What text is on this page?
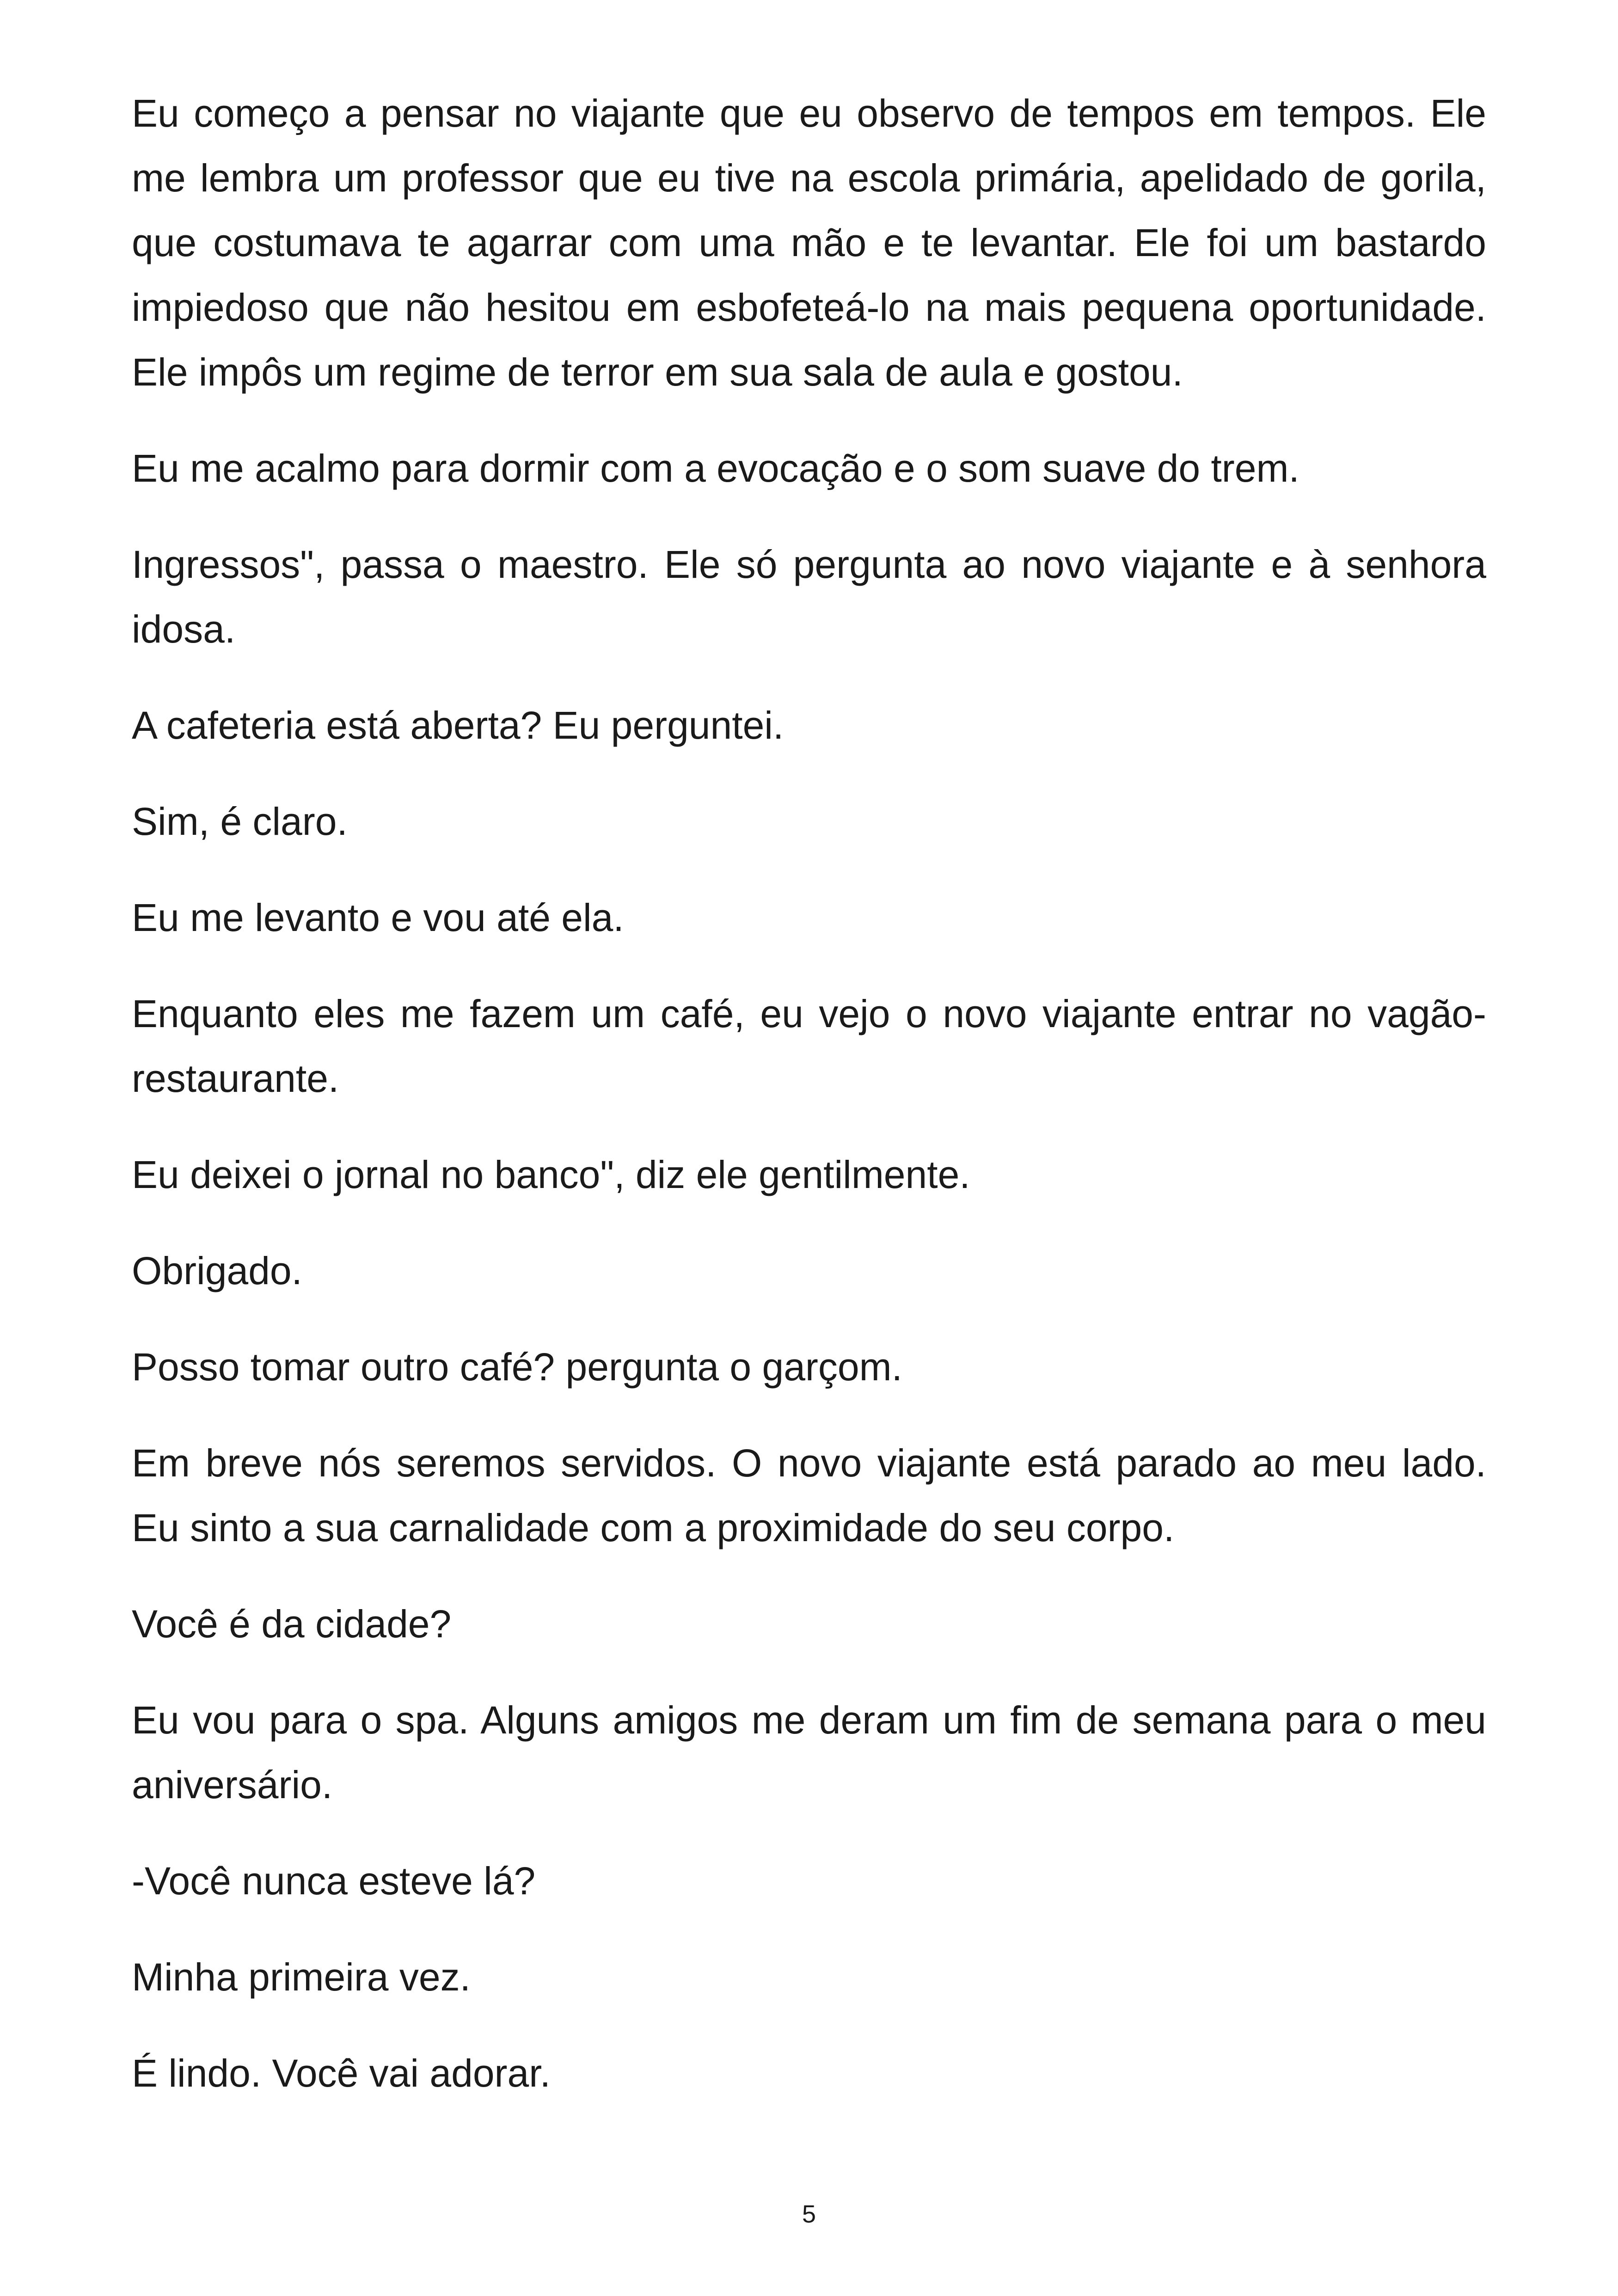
Eu começo a pensar no viajante que eu observo de tempos em tempos. Ele me lembra um professor que eu tive na escola primária, apelidado de gorila, que costumava te agarrar com uma mão e te levantar. Ele foi um bastardo impiedoso que não hesitou em esbofeteá-lo na mais pequena oportunidade. Ele impôs um regime de terror em sua sala de aula e gostou.

Eu me acalmo para dormir com a evocação e o som suave do trem.

Ingressos", passa o maestro. Ele só pergunta ao novo viajante e à senhora idosa.

A cafeteria está aberta? Eu perguntei.

Sim, é claro.

Eu me levanto e vou até ela.

Enquanto eles me fazem um café, eu vejo o novo viajante entrar no vagão-restaurante.

Eu deixei o jornal no banco", diz ele gentilmente.

Obrigado.

Posso tomar outro café? pergunta o garçom.

Em breve nós seremos servidos. O novo viajante está parado ao meu lado. Eu sinto a sua carnalidade com a proximidade do seu corpo.

Você é da cidade?

Eu vou para o spa. Alguns amigos me deram um fim de semana para o meu aniversário.

-Você nunca esteve lá?

Minha primeira vez.

É lindo. Você vai adorar.

5
